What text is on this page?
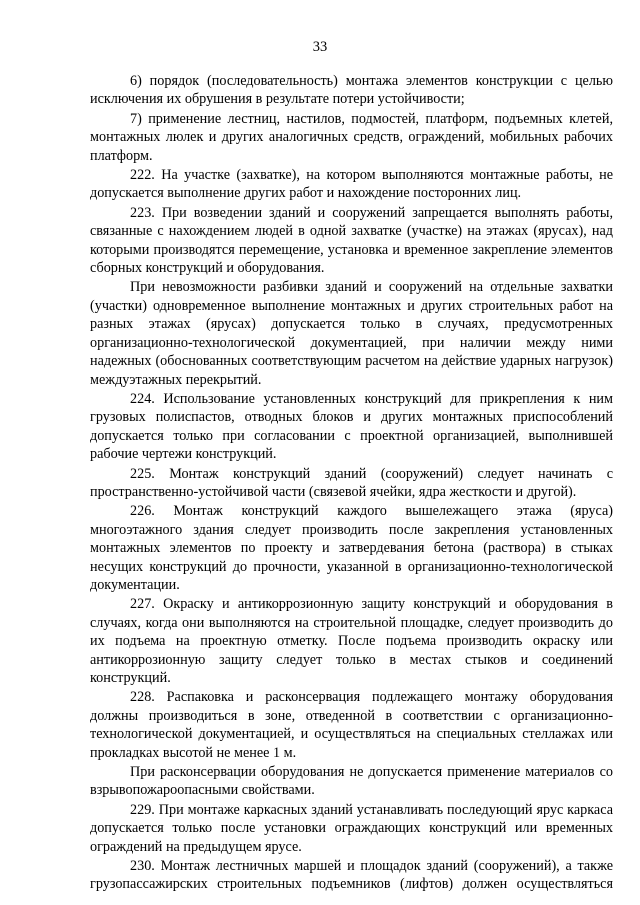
33

6) порядок (последовательность) монтажа элементов конструкции с целью исключения их обрушения в результате потери устойчивости;

7) применение лестниц, настилов, подмостей, платформ, подъемных клетей, монтажных люлек и других аналогичных средств, ограждений, мобильных рабочих платформ.

222. На участке (захватке), на котором выполняются монтажные работы, не допускается выполнение других работ и нахождение посторонних лиц.

223. При возведении зданий и сооружений запрещается выполнять работы, связанные с нахождением людей в одной захватке (участке) на этажах (ярусах), над которыми производятся перемещение, установка и временное закрепление элементов сборных конструкций и оборудования.

При невозможности разбивки зданий и сооружений на отдельные захватки (участки) одновременное выполнение монтажных и других строительных работ на разных этажах (ярусах) допускается только в случаях, предусмотренных организационно-технологической документацией, при наличии между ними надежных (обоснованных соответствующим расчетом на действие ударных нагрузок) междуэтажных перекрытий.

224. Использование установленных конструкций для прикрепления к ним грузовых полиспастов, отводных блоков и других монтажных приспособлений допускается только при согласовании с проектной организацией, выполнившей рабочие чертежи конструкций.

225. Монтаж конструкций зданий (сооружений) следует начинать с пространственно-устойчивой части (связевой ячейки, ядра жесткости и другой).

226. Монтаж конструкций каждого вышележащего этажа (яруса) многоэтажного здания следует производить после закрепления установленных монтажных элементов по проекту и затвердевания бетона (раствора) в стыках несущих конструкций до прочности, указанной в организационно-технологической документации.

227. Окраску и антикоррозионную защиту конструкций и оборудования в случаях, когда они выполняются на строительной площадке, следует производить до их подъема на проектную отметку. После подъема производить окраску или антикоррозионную защиту следует только в местах стыков и соединений конструкций.

228. Распаковка и расконсервация подлежащего монтажу оборудования должны производиться в зоне, отведенной в соответствии с организационно-технологической документацией, и осуществляться на специальных стеллажах или прокладках высотой не менее 1 м.

При расконсервации оборудования не допускается применение материалов со взрывопожароопасными свойствами.

229. При монтаже каркасных зданий устанавливать последующий ярус каркаса допускается только после установки ограждающих конструкций или временных ограждений на предыдущем ярусе.

230. Монтаж лестничных маршей и площадок зданий (сооружений), а также грузопассажирских строительных подъемников (лифтов) должен осуществляться
